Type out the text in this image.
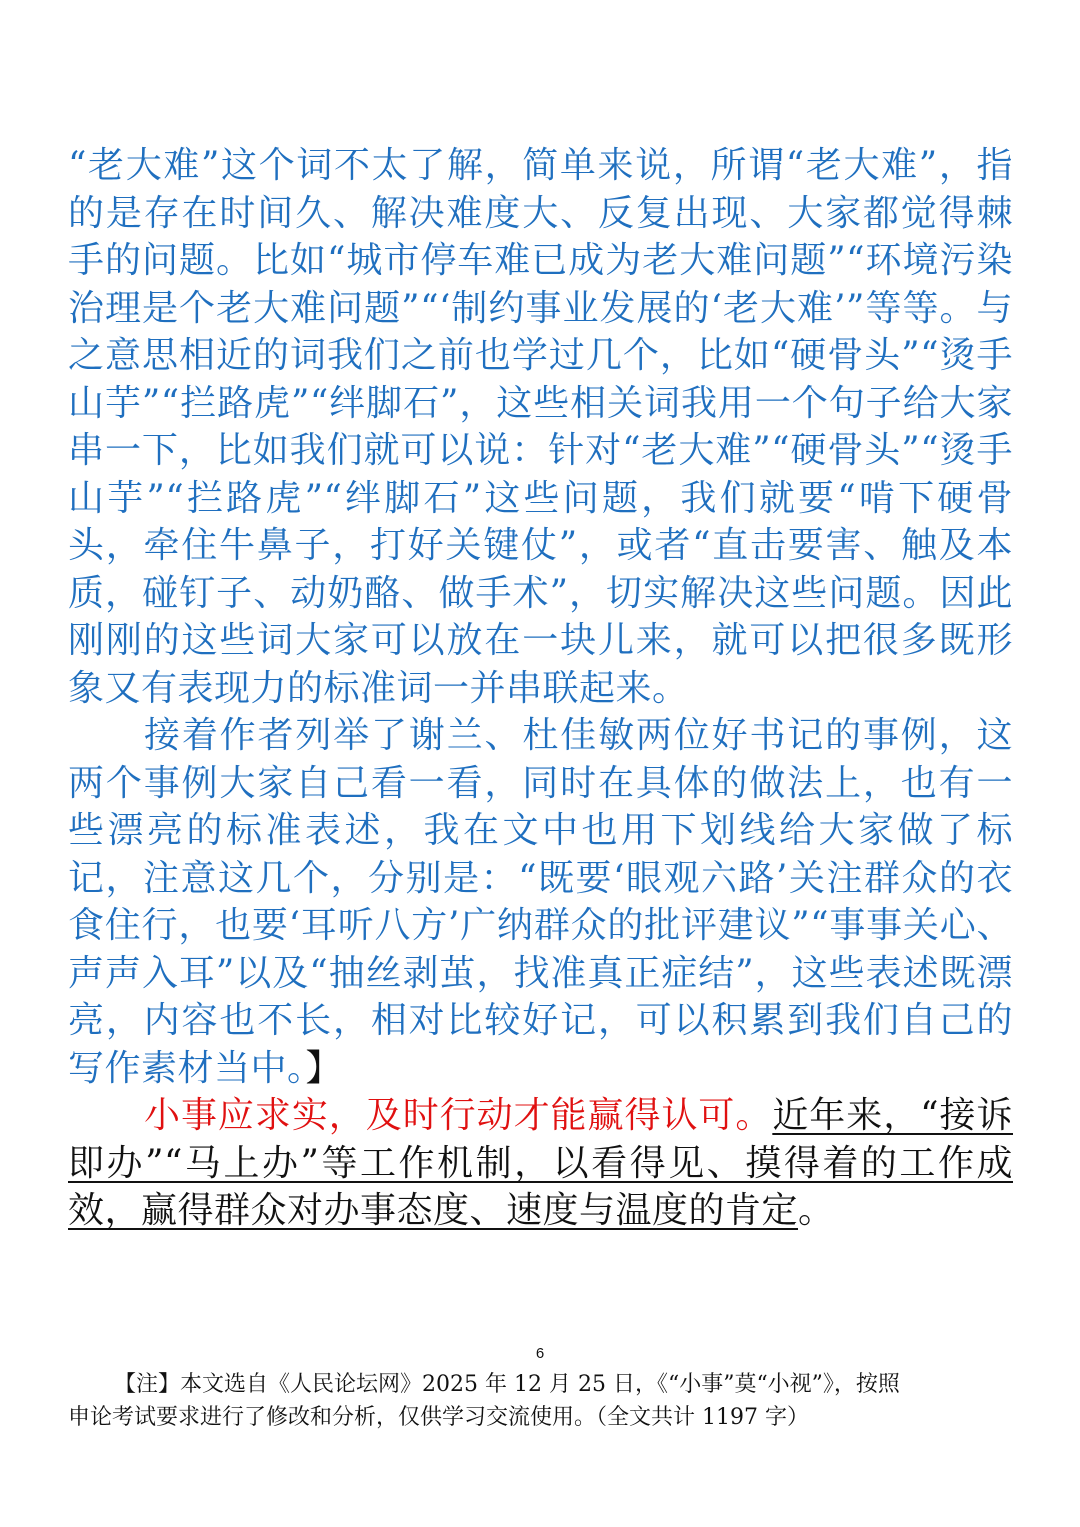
“老大难”这个词不太了解，简单来说，所谓“老大难”，指的是存在时间久、解决难度大、反复出现、大家都觉得棘手的问题。比如“城市停车难已成为老大难问题”“环境污染治理是个老大难问题”“‘制约事业发展的‘老大难’”等等。与之意思相近的词我们之前也学过几个，比如“硬骨头”“烫手山芋”“拦路虎”“绊脚石”，这些相关词我用一个句子给大家串一下，比如我们就可以说：针对“老大难”“硬骨头”“烫手山芋”“拦路虎”“绊脚石”这些问题，我们就要“啃下硬骨头，牵住牛鼻子，打好关键仗”，或者“直击要害、触及本质，碰钉子、动奶酪、做手术”，切实解决这些问题。因此刚刚的这些词大家可以放在一块儿来，就可以把很多既形象又有表现力的标准词一并串联起来。

接着作者列举了谢兰、杜佳敏两位好书记的事例，这两个事例大家自己看一看，同时在具体的做法上，也有一些漂亮的标准表述，我在文中也用下划线给大家做了标记，注意这几个，分别是：“既要‘眼观六路’关注群众的衣食住行，也要‘耳听八方’广纳群众的批评建议”“事事关心、声声入耳”以及“抽丝剥茧，找准真正症结”，这些表述既漂亮，内容也不长，相对比较好记，可以积累到我们自己的写作素材当中。】

小事应求实，及时行动才能赢得认可。近年来，“接诉即办”“马上办”等工作机制，以看得见、摸得着的工作成效，赢得群众对办事态度、速度与温度的肯定。

6

【注】本文选自《人民论坛网》2025 年 12 月 25 日，《“小事”莫“小视”》，按照

申论考试要求进行了修改和分析，仅供学习交流使用。（全文共计 1197 字）
